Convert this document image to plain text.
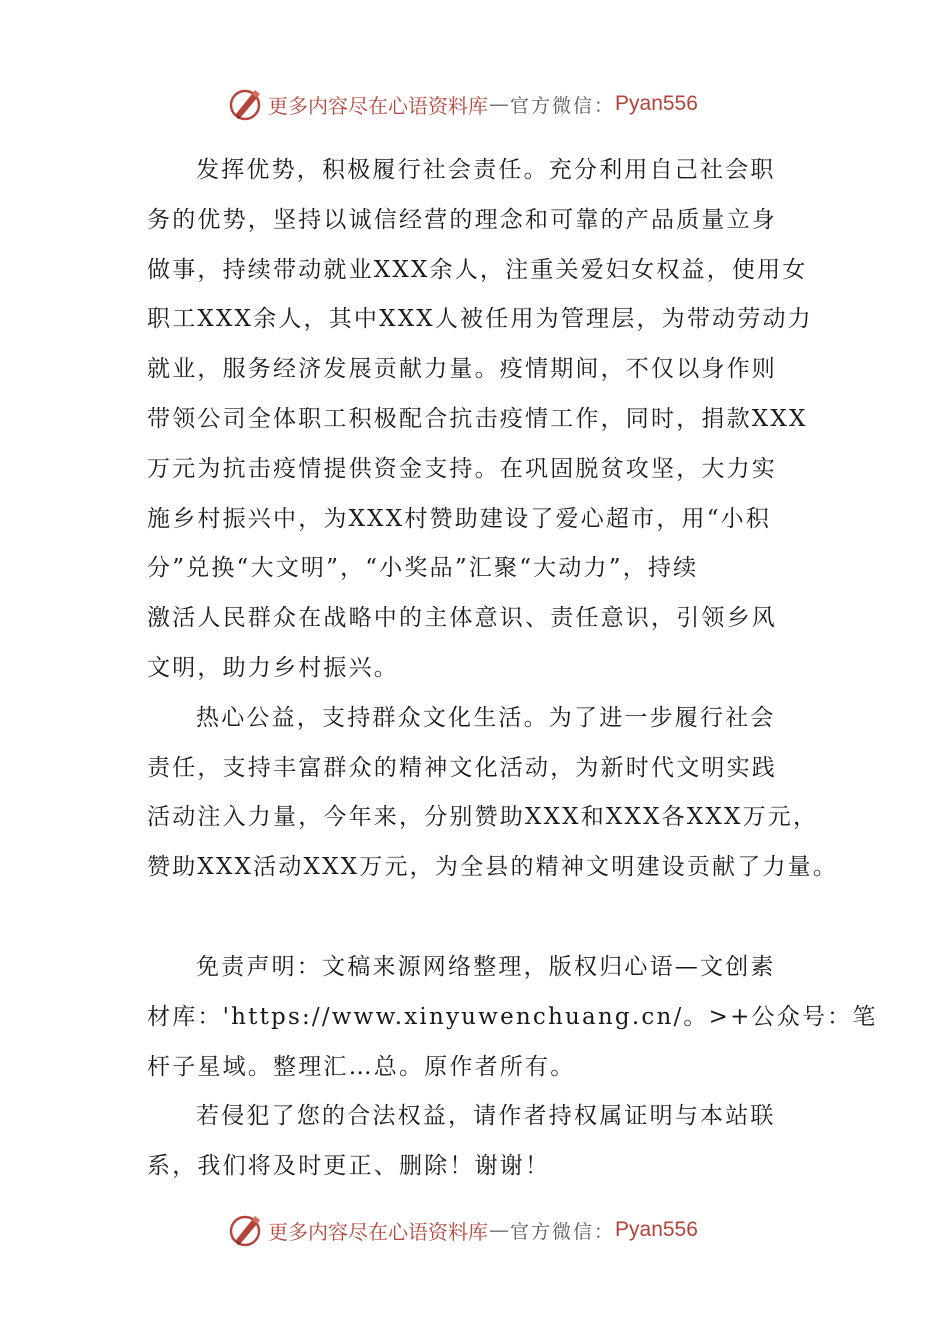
更多内容尽在心语资料库 — 官方微信： Pyan556
发挥优势，积极履行社会责任。充分利用自己社会职
务的优势，坚持以诚信经营的理念和可靠的产品质量立身
做事，持续带动就业XXX余人，注重关爱妇女权益，使用女
职工XXX余人，其中XXX人被任用为管理层，为带动劳动力
就业，服务经济发展贡献力量。疫情期间，不仅以身作则
带领公司全体职工积极配合抗击疫情工作，同时，捐款XXX
万元为抗击疫情提供资金支持。在巩固脱贫攻坚，大力实
施乡村振兴中，为XXX村赞助建设了爱心超市，用“小积
分”兑换“大文明”，“小奖品”汇聚“大动力”，持续
激活人民群众在战略中的主体意识、责任意识，引领乡风
文明，助力乡村振兴。
热心公益，支持群众文化生活。为了进一步履行社会
责任，支持丰富群众的精神文化活动，为新时代文明实践
活动注入力量，今年来，分别赞助XXX和XXX各XXX万元，
赞助XXX活动XXX万元，为全县的精神文明建设贡献了力量。
免责声明：文稿来源网络整理，版权归心语—文创素
材库：'https://www.xinyuwenchuang.cn/。>+公众号：笔
杆子星域。整理汇…总。原作者所有。
若侵犯了您的合法权益，请作者持权属证明与本站联
系，我们将及时更正、删除！谢谢！
更多内容尽在心语资料库 — 官方微信： Pyan556
